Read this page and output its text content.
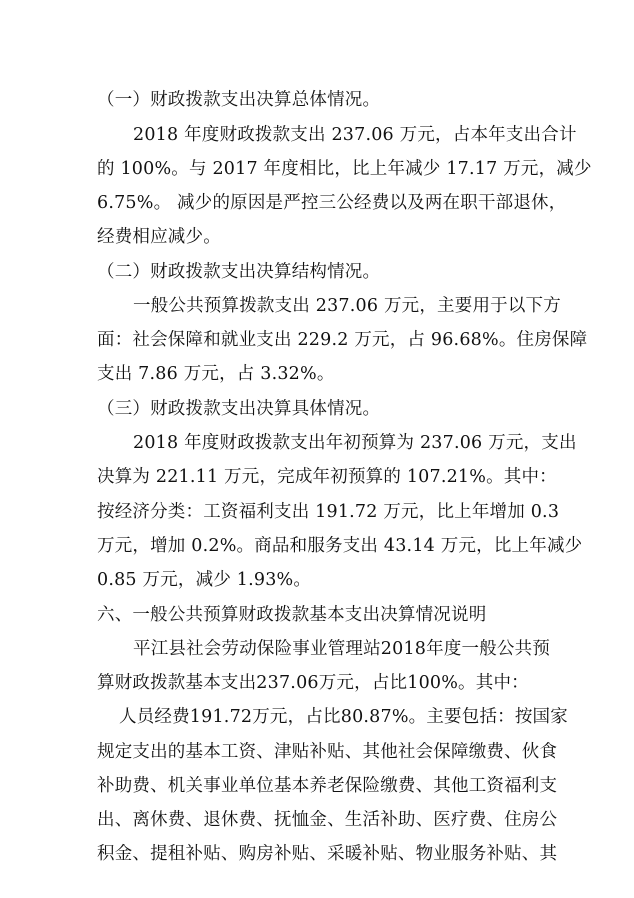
（一）财政拨款支出决算总体情况。
2018 年度财政拨款支出 237.06 万元，占本年支出合计
的 100%。与 2017 年度相比，比上年减少 17.17 万元，减少
6.75%。 减少的原因是严控三公经费以及两在职干部退休，
经费相应减少。
（二）财政拨款支出决算结构情况。
一般公共预算拨款支出 237.06 万元，主要用于以下方
面：社会保障和就业支出 229.2 万元，占 96.68%。住房保障
支出 7.86 万元，占 3.32%。
（三）财政拨款支出决算具体情况。
2018 年度财政拨款支出年初预算为 237.06 万元，支出
决算为 221.11 万元，完成年初预算的 107.21%。其中：
按经济分类：工资福利支出 191.72 万元，比上年增加 0.3
万元，增加 0.2%。商品和服务支出 43.14 万元，比上年减少
0.85 万元，减少 1.93%。
六、一般公共预算财政拨款基本支出决算情况说明
平江县社会劳动保险事业管理站2018年度一般公共预
算财政拨款基本支出237.06万元，占比100%。其中：
人员经费191.72万元，占比80.87%。主要包括：按国家
规定支出的基本工资、津贴补贴、其他社会保障缴费、伙食
补助费、机关事业单位基本养老保险缴费、其他工资福利支
出、离休费、退休费、抚恤金、生活补助、医疗费、住房公
积金、提租补贴、购房补贴、采暖补贴、物业服务补贴、其
